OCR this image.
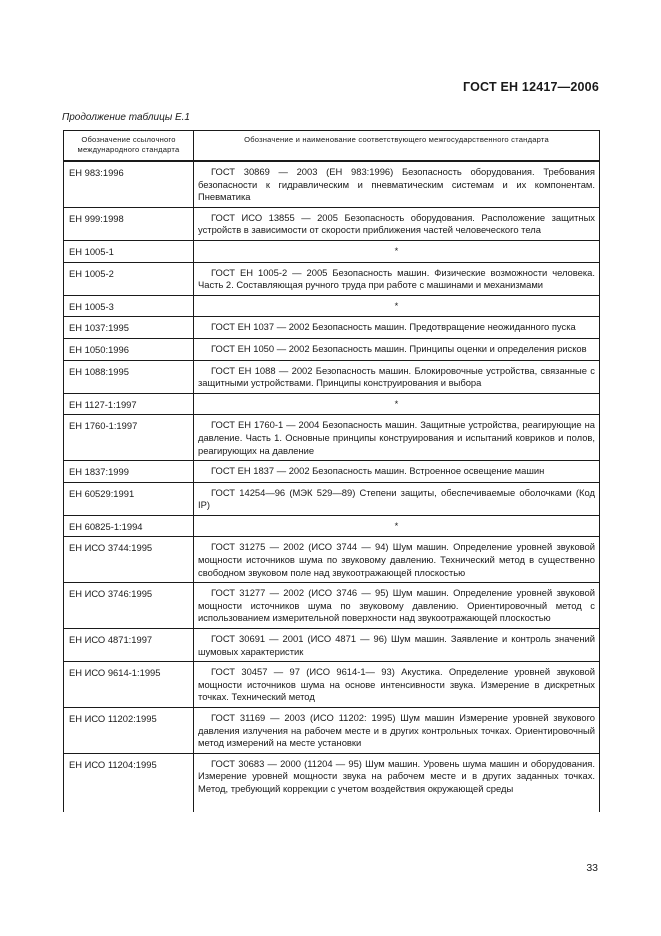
ГОСТ ЕН 12417—2006
Продолжение таблицы Е.1
Обозначение ссылочного международного стандарта	Обозначение и наименование соответствующего межгосударственного стандарта
ЕН 983:1996	ГОСТ 30869 — 2003 (ЕН 983:1996) Безопасность оборудования. Требования безопасности к гидравлическим и пневматическим системам и их компонентам. Пневматика
ЕН 999:1998	ГОСТ ИСО 13855 — 2005 Безопасность оборудования. Расположение защитных устройств в зависимости от скорости приближения частей человеческого тела
ЕН 1005-1	*
ЕН 1005-2	ГОСТ ЕН 1005-2 — 2005 Безопасность машин. Физические возможности человека. Часть 2. Составляющая ручного труда при работе с машинами и механизмами
ЕН 1005-3	*
ЕН 1037:1995	ГОСТ ЕН 1037 — 2002 Безопасность машин. Предотвращение неожиданного пуска
ЕН 1050:1996	ГОСТ ЕН 1050 — 2002 Безопасность машин. Принципы оценки и определения рисков
ЕН 1088:1995	ГОСТ ЕН 1088 — 2002 Безопасность машин. Блокировочные устройства, связанные с защитными устройствами. Принципы конструирования и выбора
ЕН 1127-1:1997	*
ЕН 1760-1:1997	ГОСТ ЕН 1760-1 — 2004 Безопасность машин. Защитные устройства, реагирующие на давление. Часть 1. Основные принципы конструирования и испытаний ковриков и полов, реагирующих на давление
ЕН 1837:1999	ГОСТ ЕН 1837 — 2002 Безопасность машин. Встроенное освещение машин
ЕН 60529:1991	ГОСТ 14254—96 (МЭК 529—89) Степени защиты, обеспечиваемые оболочками (Код IP)
ЕН 60825-1:1994	*
ЕН ИСО 3744:1995	ГОСТ 31275 — 2002 (ИСО 3744 — 94) Шум машин. Определение уровней звуковой мощности источников шума по звуковому давлению. Технический метод в существенно свободном звуковом поле над звукоотражающей плоскостью
ЕН ИСО 3746:1995	ГОСТ 31277 — 2002 (ИСО 3746 — 95) Шум машин. Определение уровней звуковой мощности источников шума по звуковому давлению. Ориентировочный метод с использованием измерительной поверхности над звукоотражающей плоскостью
ЕН ИСО 4871:1997	ГОСТ 30691 — 2001 (ИСО 4871 — 96) Шум машин. Заявление и контроль значений шумовых характеристик
ЕН ИСО 9614-1:1995	ГОСТ 30457 — 97 (ИСО 9614-1— 93) Акустика. Определение уровней звуковой мощности источников шума на основе интенсивности звука. Измерение в дискретных точках. Технический метод
ЕН ИСО 11202:1995	ГОСТ 31169 — 2003 (ИСО 11202: 1995) Шум машин Измерение уровней звукового давления излучения на рабочем месте и в других контрольных точках. Ориентировочный метод измерений на месте установки
ЕН ИСО 11204:1995	ГОСТ 30683 — 2000 (11204 — 95) Шум машин. Уровень шума машин и оборудования. Измерение уровней мощности звука на рабочем месте и в других заданных точках. Метод, требующий коррекции с учетом воздействия окружающей среды
33
